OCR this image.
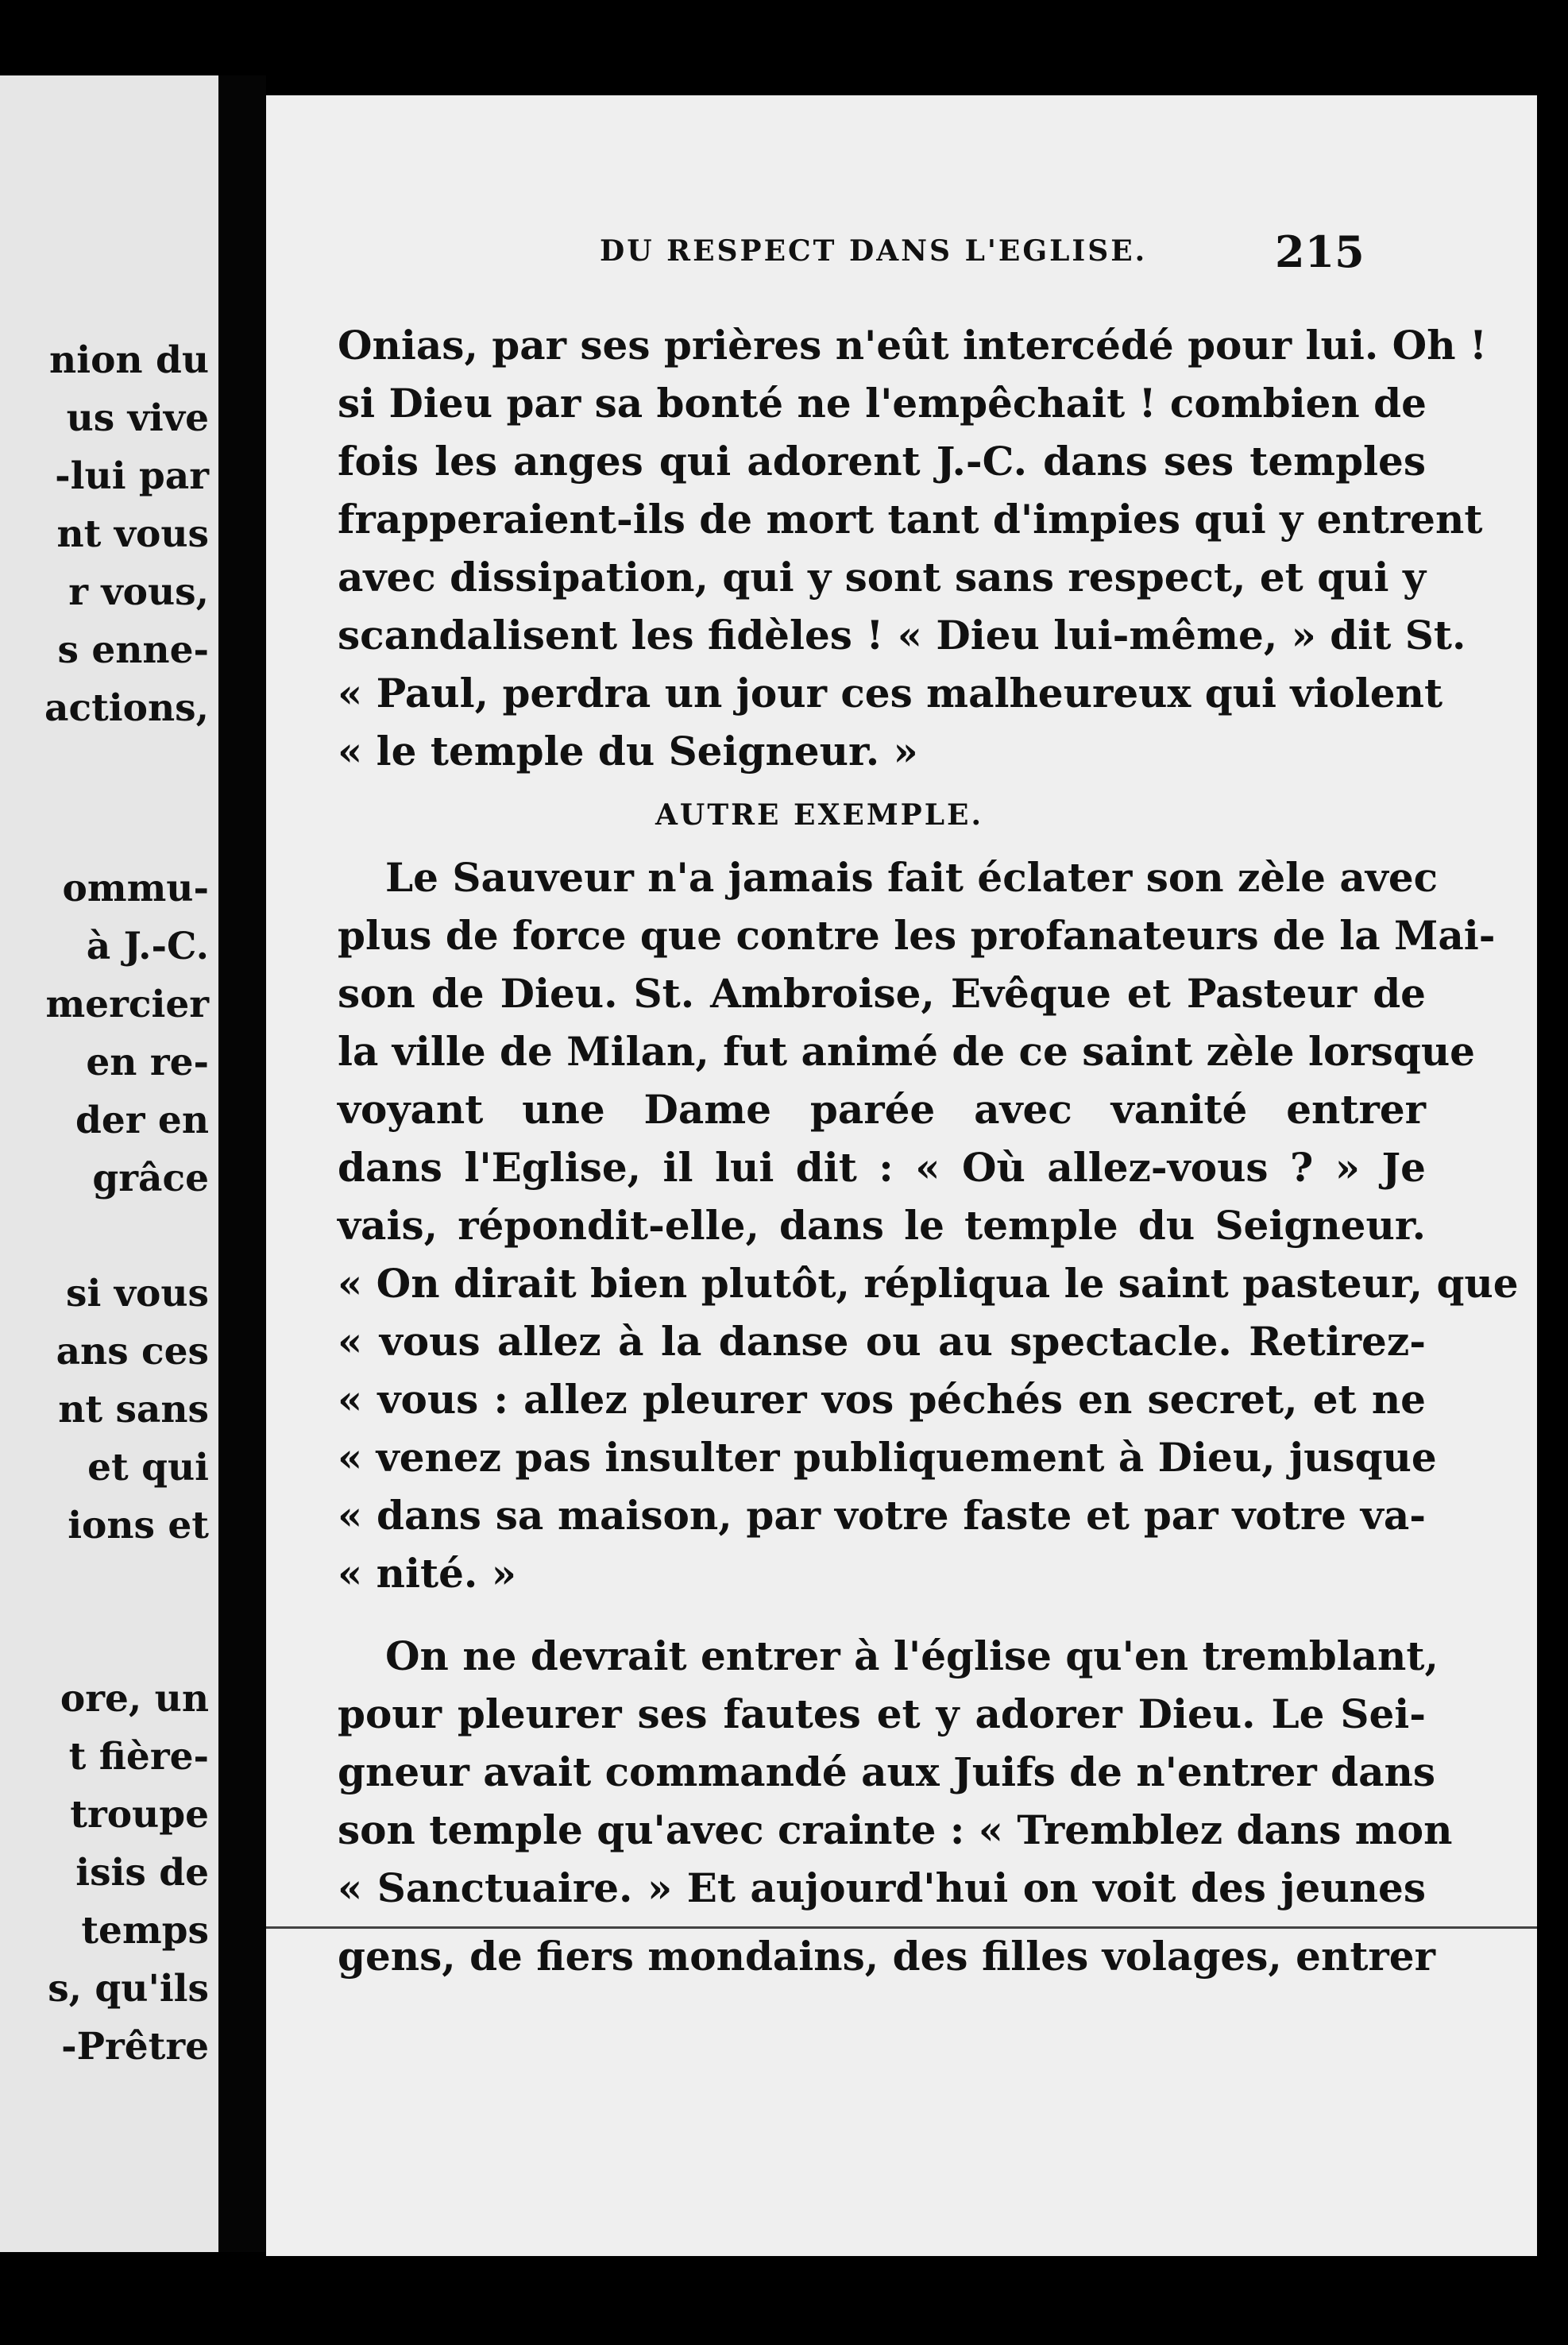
nion du
us vive
-lui par
nt vous
r vous,
s enne-
actions,
ommu-
à J.-C.
mercier
en re-
der en
grâce
si vous
ans ces
nt sans
et qui
ions et
ore, un
t fière-
troupe
isis de
temps
s, qu'ils
-Prêtre
DU RESPECT DANS L'EGLISE.	215
Onias, par ses prières n'eût intercédé pour lui. Oh !
si Dieu par sa bonté ne l'empêchait ! combien de
fois les anges qui adorent J.-C. dans ses temples
frapperaient-ils de mort tant d'impies qui y entrent
avec dissipation, qui y sont sans respect, et qui y
scandalisent les fidèles ! « Dieu lui-même, » dit St.
« Paul, perdra un jour ces malheureux qui violent
« le temple du Seigneur. »
AUTRE EXEMPLE.
Le Sauveur n'a jamais fait éclater son zèle avec
plus de force que contre les profanateurs de la Mai-
son de Dieu. St. Ambroise, Evêque et Pasteur de
la ville de Milan, fut animé de ce saint zèle lorsque
voyant une Dame parée avec vanité entrer
dans l'Eglise, il lui dit : « Où allez-vous ? » Je
vais, répondit-elle, dans le temple du Seigneur.
« On dirait bien plutôt, répliqua le saint pasteur, que
« vous allez à la danse ou au spectacle. Retirez-
« vous : allez pleurer vos péchés en secret, et ne
« venez pas insulter publiquement à Dieu, jusque
« dans sa maison, par votre faste et par votre va-
« nité. »
On ne devrait entrer à l'église qu'en tremblant,
pour pleurer ses fautes et y adorer Dieu. Le Sei-
gneur avait commandé aux Juifs de n'entrer dans
son temple qu'avec crainte : « Tremblez dans mon
« Sanctuaire. » Et aujourd'hui on voit des jeunes
gens, de fiers mondains, des filles volages, entrer
